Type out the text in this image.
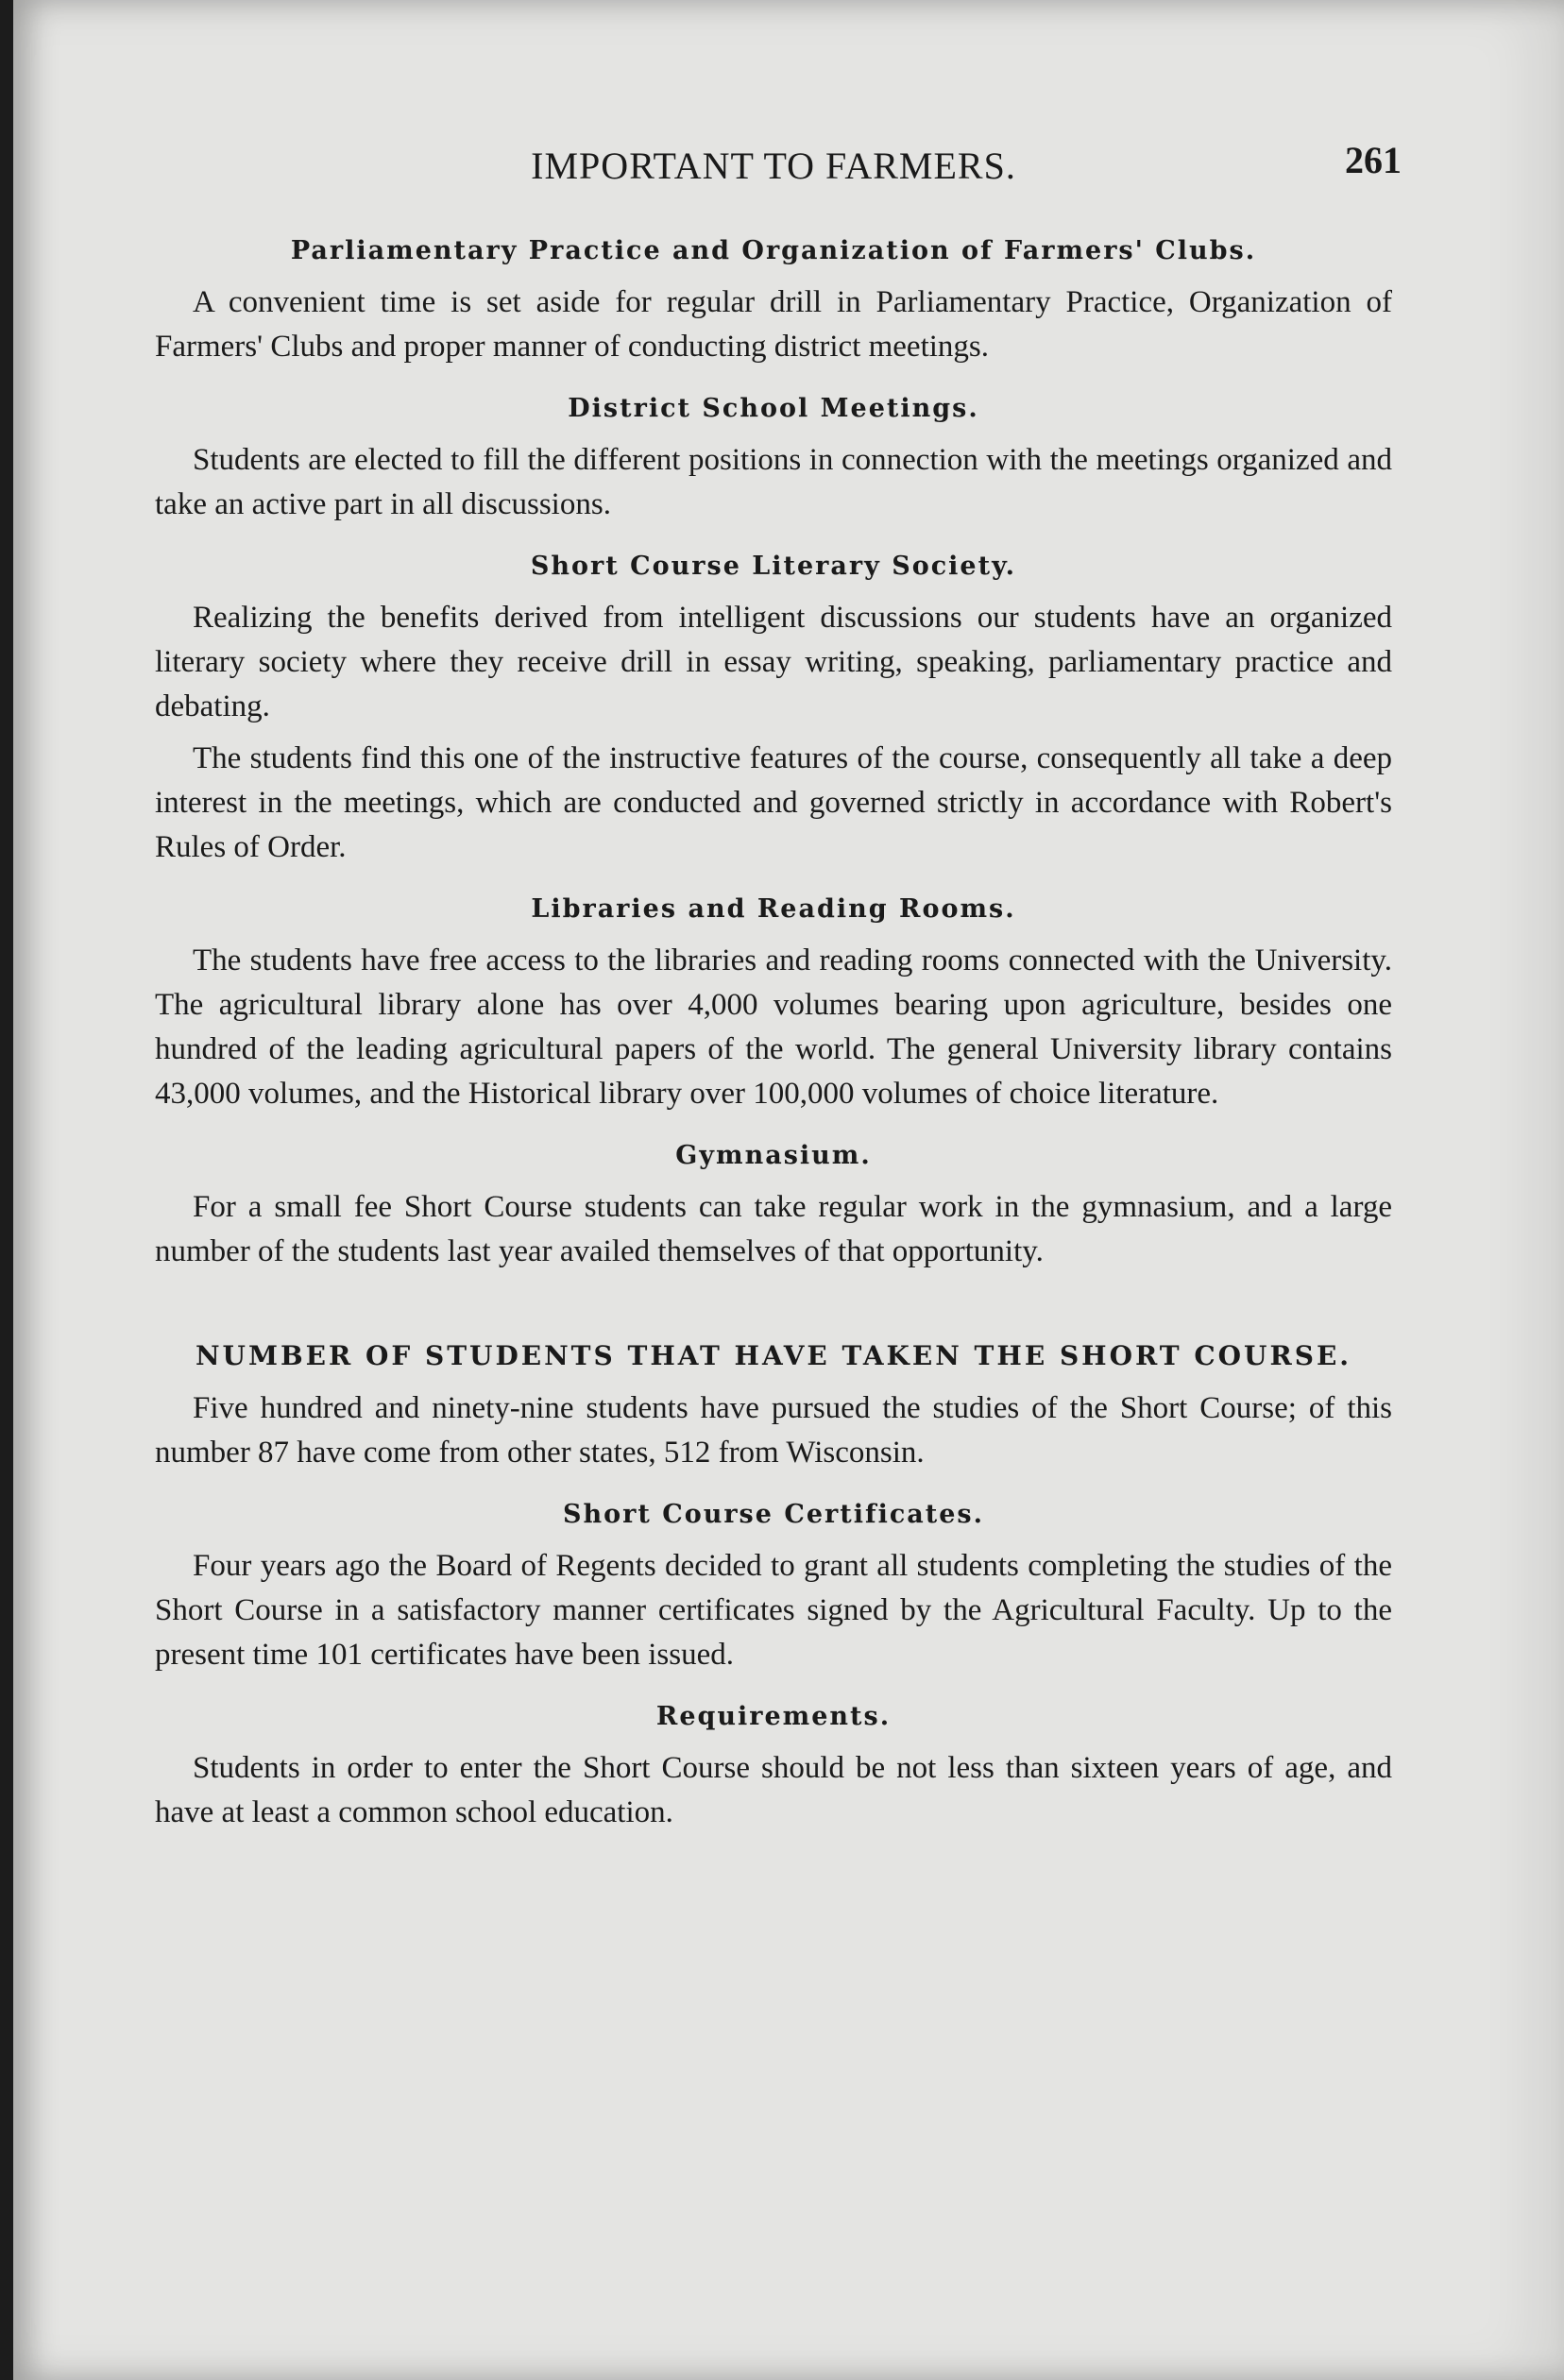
IMPORTANT TO FARMERS.	261
Parliamentary Practice and Organization of Farmers' Clubs.

A convenient time is set aside for regular drill in Parliamentary Practice, Organization of Farmers' Clubs and proper manner of conducting district meetings.

District School Meetings.

Students are elected to fill the different positions in connection with the meetings organized and take an active part in all discussions.

Short Course Literary Society.

Realizing the benefits derived from intelligent discussions our students have an organized literary society where they receive drill in essay writing, speaking, parliamentary practice and debating.

The students find this one of the instructive features of the course, consequently all take a deep interest in the meetings, which are conducted and governed strictly in accordance with Robert's Rules of Order.

Libraries and Reading Rooms.

The students have free access to the libraries and reading rooms connected with the University. The agricultural library alone has over 4,000 volumes bearing upon agriculture, besides one hundred of the leading agricultural papers of the world. The general University library contains 43,000 volumes, and the Historical library over 100,000 volumes of choice literature.

Gymnasium.

For a small fee Short Course students can take regular work in the gymnasium, and a large number of the students last year availed themselves of that opportunity.

NUMBER OF STUDENTS THAT HAVE TAKEN THE SHORT COURSE.

Five hundred and ninety-nine students have pursued the studies of the Short Course; of this number 87 have come from other states, 512 from Wisconsin.

Short Course Certificates.

Four years ago the Board of Regents decided to grant all students completing the studies of the Short Course in a satisfactory manner certificates signed by the Agricultural Faculty. Up to the present time 101 certificates have been issued.

Requirements.

Students in order to enter the Short Course should be not less than sixteen years of age, and have at least a common school education.
